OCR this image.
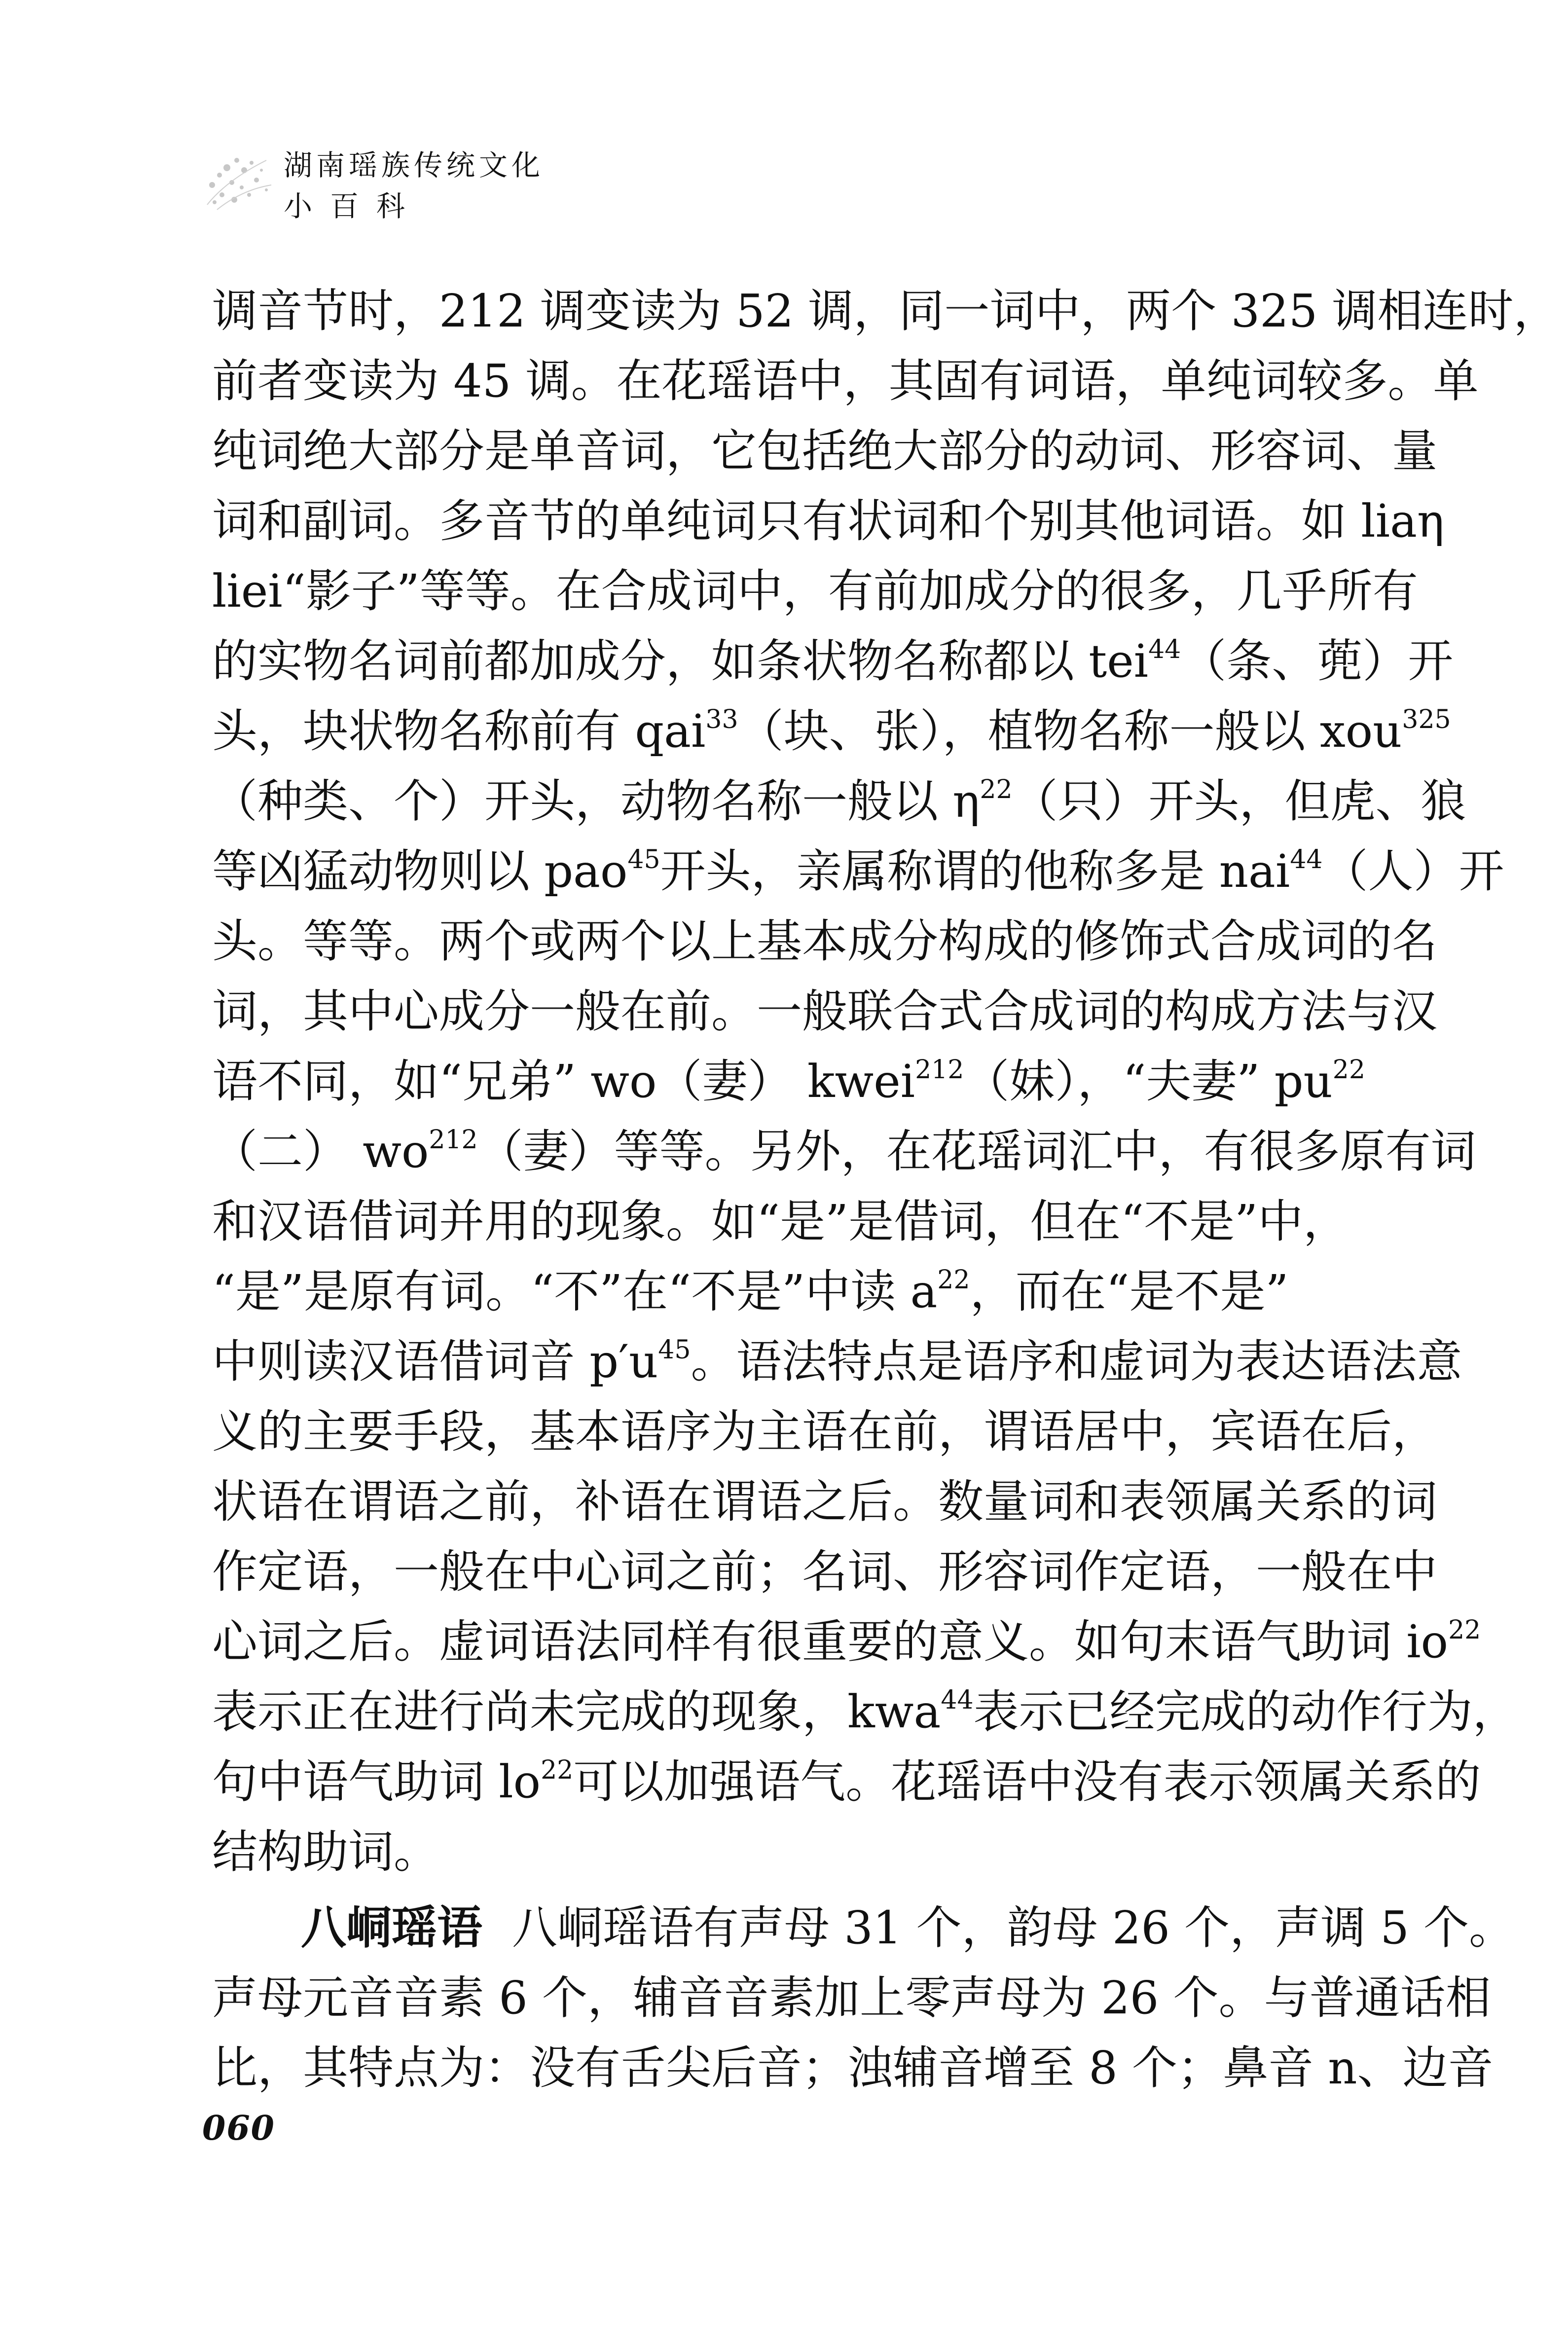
湖南瑶族传统文化
小百科
调音节时，212 调变读为 52 调，同一词中，两个 325 调相连时，
前者变读为 45 调。在花瑶语中，其固有词语，单纯词较多。单
纯词绝大部分是单音词，它包括绝大部分的动词、形容词、量
词和副词。多音节的单纯词只有状词和个别其他词语。如 liaη
liei“影子”等等。在合成词中，有前加成分的很多，几乎所有
的实物名词前都加成分，如条状物名称都以 tei$^{44}$（条、蔸）开
头，块状物名称前有 qai$^{33}$（块、张），植物名称一般以 xou$^{325}$
（种类、个）开头，动物名称一般以 $\eta^{22}$（只）开头，但虎、狼
等凶猛动物则以 pao$^{45}$开头，亲属称谓的他称多是 nai$^{44}$（人）开
头。等等。两个或两个以上基本成分构成的修饰式合成词的名
词，其中心成分一般在前。一般联合式合成词的构成方法与汉
语不同，如“兄弟” wo（妻） kwei$^{212}$（妹），“夫妻” $pu^{22}$
（二） $wo^{212}$（妻）等等。另外，在花瑶词汇中，有很多原有词
和汉语借词并用的现象。如“是”是借词，但在“不是”中，
“是”是原有词。“不”在“不是”中读 $a^{22}$，而在“是不是”
中则读汉语借词音 $p'u^{45}$。语法特点是语序和虚词为表达语法意
义的主要手段，基本语序为主语在前，谓语居中，宾语在后，
状语在谓语之前，补语在谓语之后。数量词和表领属关系的词
作定语，一般在中心词之前；名词、形容词作定语，一般在中
心词之后。虚词语法同样有很重要的意义。如句末语气助词 $io^{22}$
表示正在进行尚未完成的现象，kwa$^{44}$表示已经完成的动作行为，
句中语气助词 $lo^{22}$可以加强语气。花瑶语中没有表示领属关系的
结构助词。
八峒瑶语 八峒瑶语有声母 31 个，韵母 26 个，声调 5 个。
声母元音音素 6 个，辅音音素加上零声母为 26 个。与普通话相
比，其特点为：没有舌尖后音；浊辅音增至 8 个；鼻音 n、边音
060
